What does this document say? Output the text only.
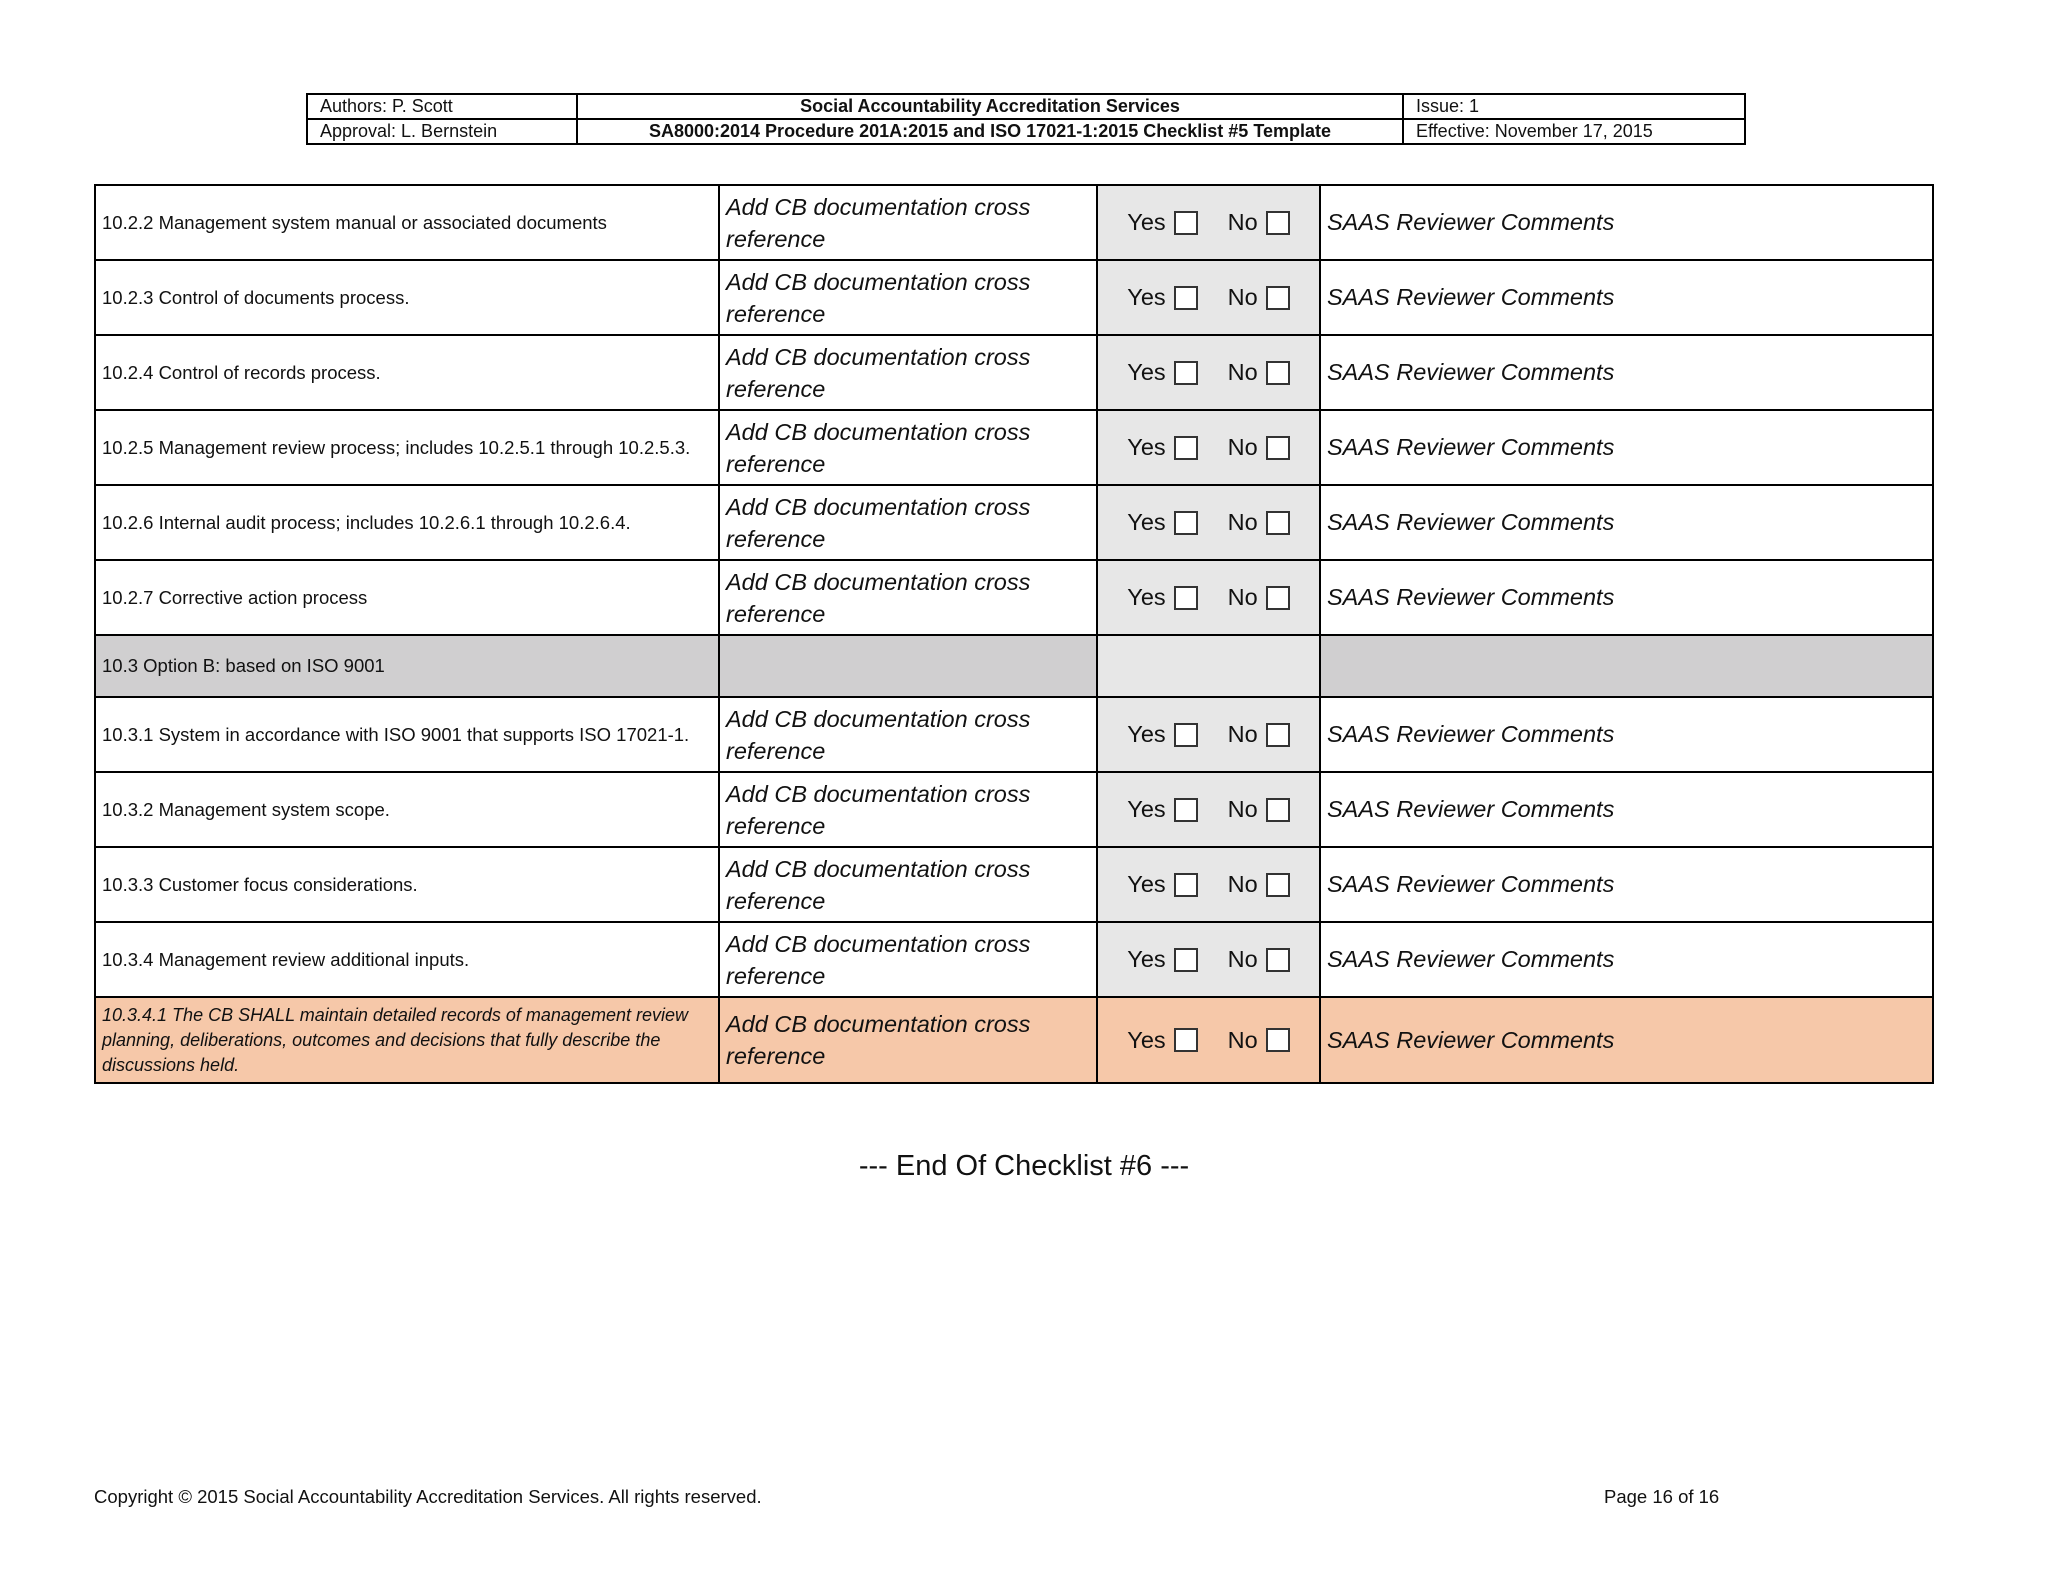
Authors: P. Scott	Social Accountability Accreditation Services	Issue: 1
Approval: L. Bernstein	SA8000:2014 Procedure 201A:2015 and ISO 17021-1:2015 Checklist #5 Template	Effective: November 17, 2015
10.2.2 Management system manual or associated documents	Add CB documentation cross reference	Yes No	SAAS Reviewer Comments
10.2.3 Control of documents process.	Add CB documentation cross reference	Yes No	SAAS Reviewer Comments
10.2.4 Control of records process.	Add CB documentation cross reference	Yes No	SAAS Reviewer Comments
10.2.5 Management review process; includes 10.2.5.1 through 10.2.5.3.	Add CB documentation cross reference	Yes No	SAAS Reviewer Comments
10.2.6 Internal audit process; includes 10.2.6.1 through 10.2.6.4.	Add CB documentation cross reference	Yes No	SAAS Reviewer Comments
10.2.7 Corrective action process	Add CB documentation cross reference	Yes No	SAAS Reviewer Comments
10.3 Option B: based on ISO 9001			
10.3.1 System in accordance with ISO 9001 that supports ISO 17021-1.	Add CB documentation cross reference	Yes No	SAAS Reviewer Comments
10.3.2 Management system scope.	Add CB documentation cross reference	Yes No	SAAS Reviewer Comments
10.3.3 Customer focus considerations.	Add CB documentation cross reference	Yes No	SAAS Reviewer Comments
10.3.4 Management review additional inputs.	Add CB documentation cross reference	Yes No	SAAS Reviewer Comments
10.3.4.1 The CB SHALL maintain detailed records of management review planning, deliberations, outcomes and decisions that fully describe the discussions held.	Add CB documentation cross reference	Yes No	SAAS Reviewer Comments
--- End Of Checklist #6 ---
Copyright © 2015 Social Accountability Accreditation Services. All rights reserved.	Page 16 of 16
